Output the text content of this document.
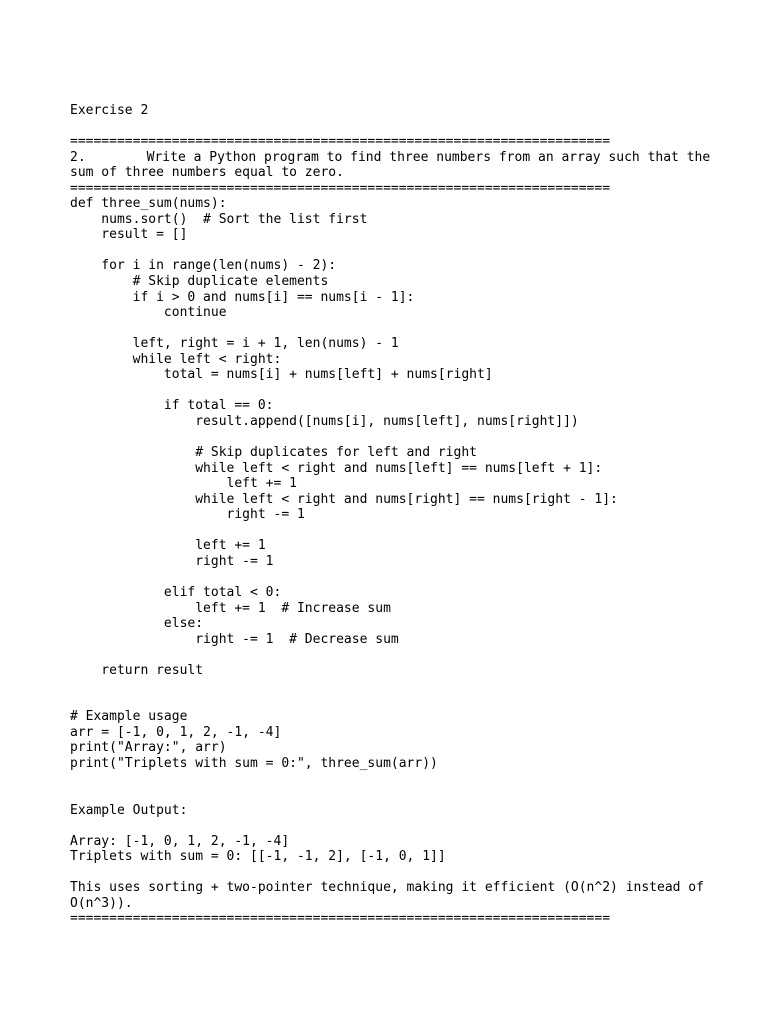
Exercise 2
=====================================================================
2.	Write a Python program to find three numbers from an array such that the
sum of three numbers equal to zero.
=====================================================================
def three_sum(nums):
nums.sort()  # Sort the list first
result = []
for i in range(len(nums) - 2):
# Skip duplicate elements
if i > 0 and nums[i] == nums[i - 1]:
continue
left, right = i + 1, len(nums) - 1
while left < right:
total = nums[i] + nums[left] + nums[right]
if total == 0:
result.append([nums[i], nums[left], nums[right]])
# Skip duplicates for left and right
while left < right and nums[left] == nums[left + 1]:
left += 1
while left < right and nums[right] == nums[right - 1]:
right -= 1
left += 1
right -= 1
elif total < 0:
left += 1  # Increase sum
else:
right -= 1  # Decrease sum
return result
# Example usage
arr = [-1, 0, 1, 2, -1, -4]
print("Array:", arr)
print("Triplets with sum = 0:", three_sum(arr))
Example Output:
Array: [-1, 0, 1, 2, -1, -4]
Triplets with sum = 0: [[-1, -1, 2], [-1, 0, 1]]
This uses sorting + two-pointer technique, making it efficient (O(n^2) instead of
O(n^3)).
=====================================================================
